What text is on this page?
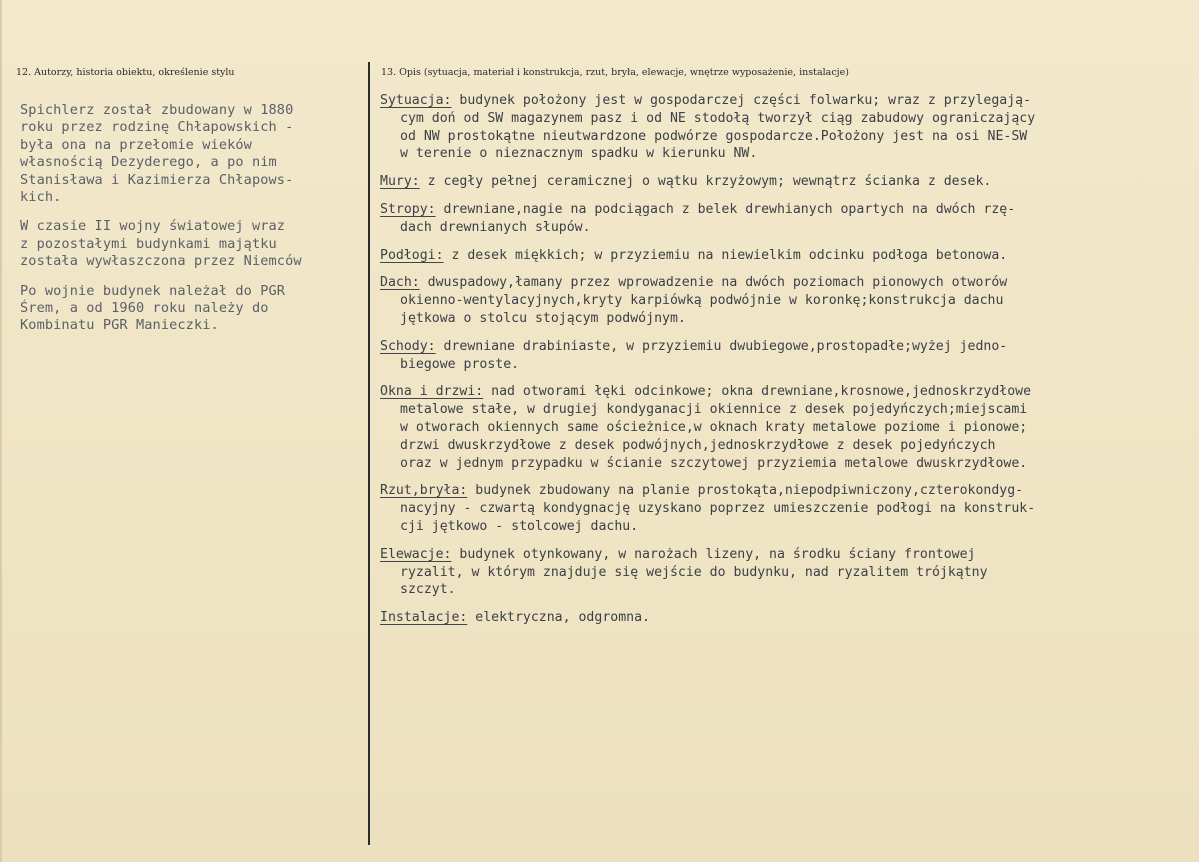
12. Autorzy, historia obiektu, określenie stylu	13. Opis (sytuacja, materiał i konstrukcja, rzut, bryła, elewacje, wnętrze wyposażenie, instalacje)

Spichlerz został zbudowany w 1880
roku przez rodzinę Chłapowskich -
była ona na przełomie wieków
własnością Dezyderego, a po nim
Stanisława i Kazimierza Chłapows-
kich.

W czasie II wojny światowej wraz
z pozostałymi budynkami majątku
została wywłaszczona przez Niemców

Po wojnie budynek należał do PGR
Śrem, a od 1960 roku należy do
Kombinatu PGR Manieczki.

Sytuacja: budynek położony jest w gospodarczej części folwarku; wraz z przylegają-
cym doń od SW magazynem pasz i od NE stodołą tworzył ciąg zabudowy ograniczający
od NW prostokątne nieutwardzone podwórze gospodarcze.Położony jest na osi NE-SW
w terenie o nieznacznym spadku w kierunku NW.
Mury: z cegły pełnej ceramicznej o wątku krzyżowym; wewnątrz ścianka z desek.
Stropy: drewniane,nagie na podciągach z belek drewhianych opartych na dwóch rzę-
dach drewnianych słupów.
Podłogi: z desek miękkich; w przyziemiu na niewielkim odcinku podłoga betonowa.
Dach: dwuspadowy,łamany przez wprowadzenie na dwóch poziomach pionowych otworów
okienno-wentylacyjnych,kryty karpiówką podwójnie w koronkę;konstrukcja dachu
jętkowa o stolcu stojącym podwójnym.
Schody: drewniane drabiniaste, w przyziemiu dwubiegowe,prostopadłe;wyżej jedno-
biegowe proste.
Okna i drzwi: nad otworami łęki odcinkowe; okna drewniane,krosnowe,jednoskrzydłowe
metalowe stałe, w drugiej kondyganacji okiennice z desek pojedyńczych;miejscami
w otworach okiennych same ościeżnice,w oknach kraty metalowe poziome i pionowe;
drzwi dwuskrzydłowe z desek podwójnych,jednoskrzydłowe z desek pojedyńczych
oraz w jednym przypadku w ścianie szczytowej przyziemia metalowe dwuskrzydłowe.
Rzut,bryła: budynek zbudowany na planie prostokąta,niepodpiwniczony,czterokondyg-
nacyjny - czwartą kondygnację uzyskano poprzez umieszczenie podłogi na konstruk-
cji jętkowo - stolcowej dachu.
Elewacje: budynek otynkowany, w narożach lizeny, na środku ściany frontowej
ryzalit, w którym znajduje się wejście do budynku, nad ryzalitem trójkątny
szczyt.
Instalacje: elektryczna, odgromna.
